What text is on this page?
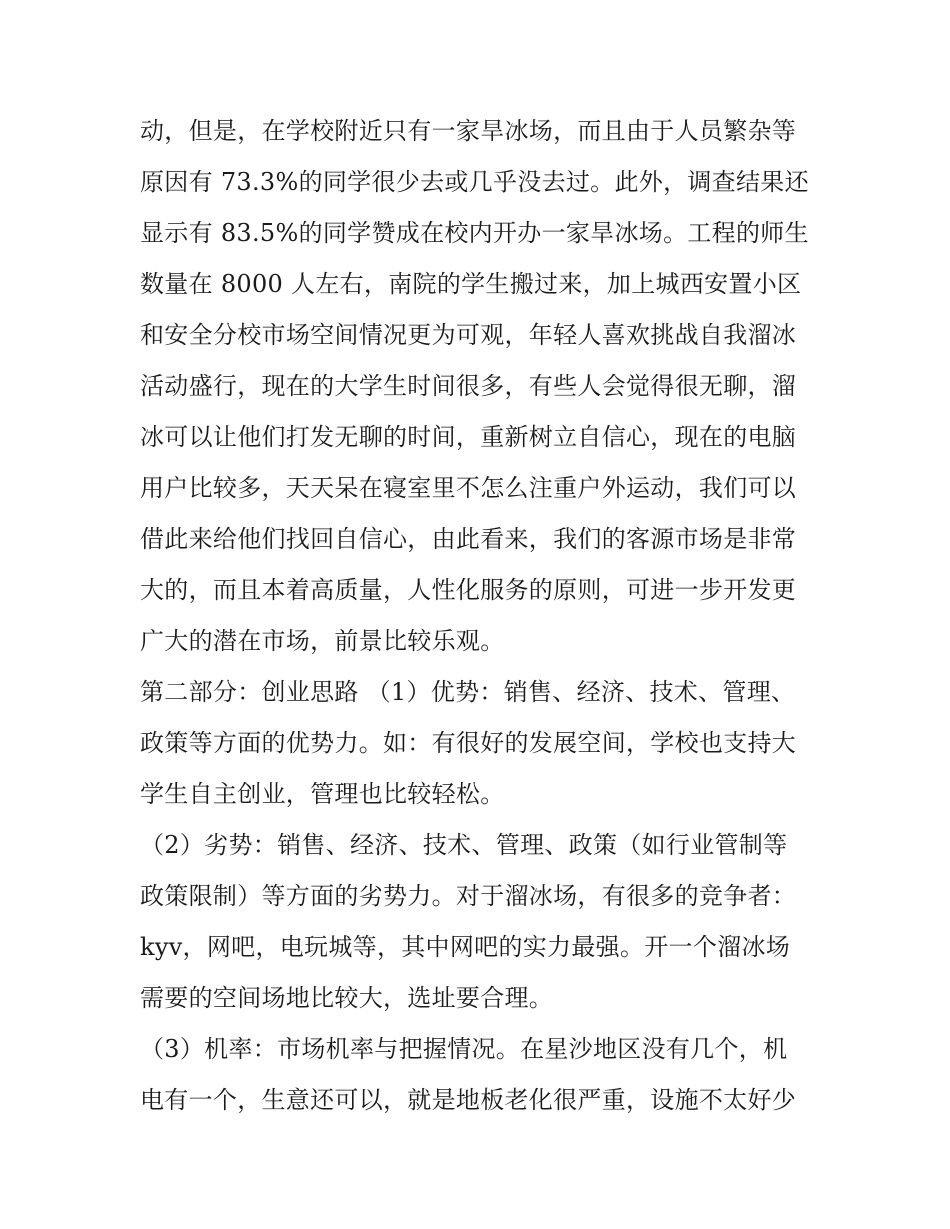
动，但是，在学校附近只有一家旱冰场，而且由于人员繁杂等
原因有 73.3%的同学很少去或几乎没去过。此外，调查结果还
显示有 83.5%的同学赞成在校内开办一家旱冰场。工程的师生
数量在 8000 人左右，南院的学生搬过来，加上城西安置小区
和安全分校市场空间情况更为可观，年轻人喜欢挑战自我溜冰
活动盛行，现在的大学生时间很多，有些人会觉得很无聊，溜
冰可以让他们打发无聊的时间，重新树立自信心，现在的电脑
用户比较多，天天呆在寝室里不怎么注重户外运动，我们可以
借此来给他们找回自信心，由此看来，我们的客源市场是非常
大的，而且本着高质量，人性化服务的原则，可进一步开发更
广大的潜在市场，前景比较乐观。
第二部分：创业思路 （1）优势：销售、经济、技术、管理、
政策等方面的优势力。如：有很好的发展空间，学校也支持大
学生自主创业，管理也比较轻松。
（2）劣势：销售、经济、技术、管理、政策（如行业管制等
政策限制）等方面的劣势力。对于溜冰场，有很多的竞争者：
kyv，网吧，电玩城等，其中网吧的实力最强。开一个溜冰场
需要的空间场地比较大，选址要合理。
（3）机率：市场机率与把握情况。在星沙地区没有几个，机
电有一个，生意还可以，就是地板老化很严重，设施不太好少
